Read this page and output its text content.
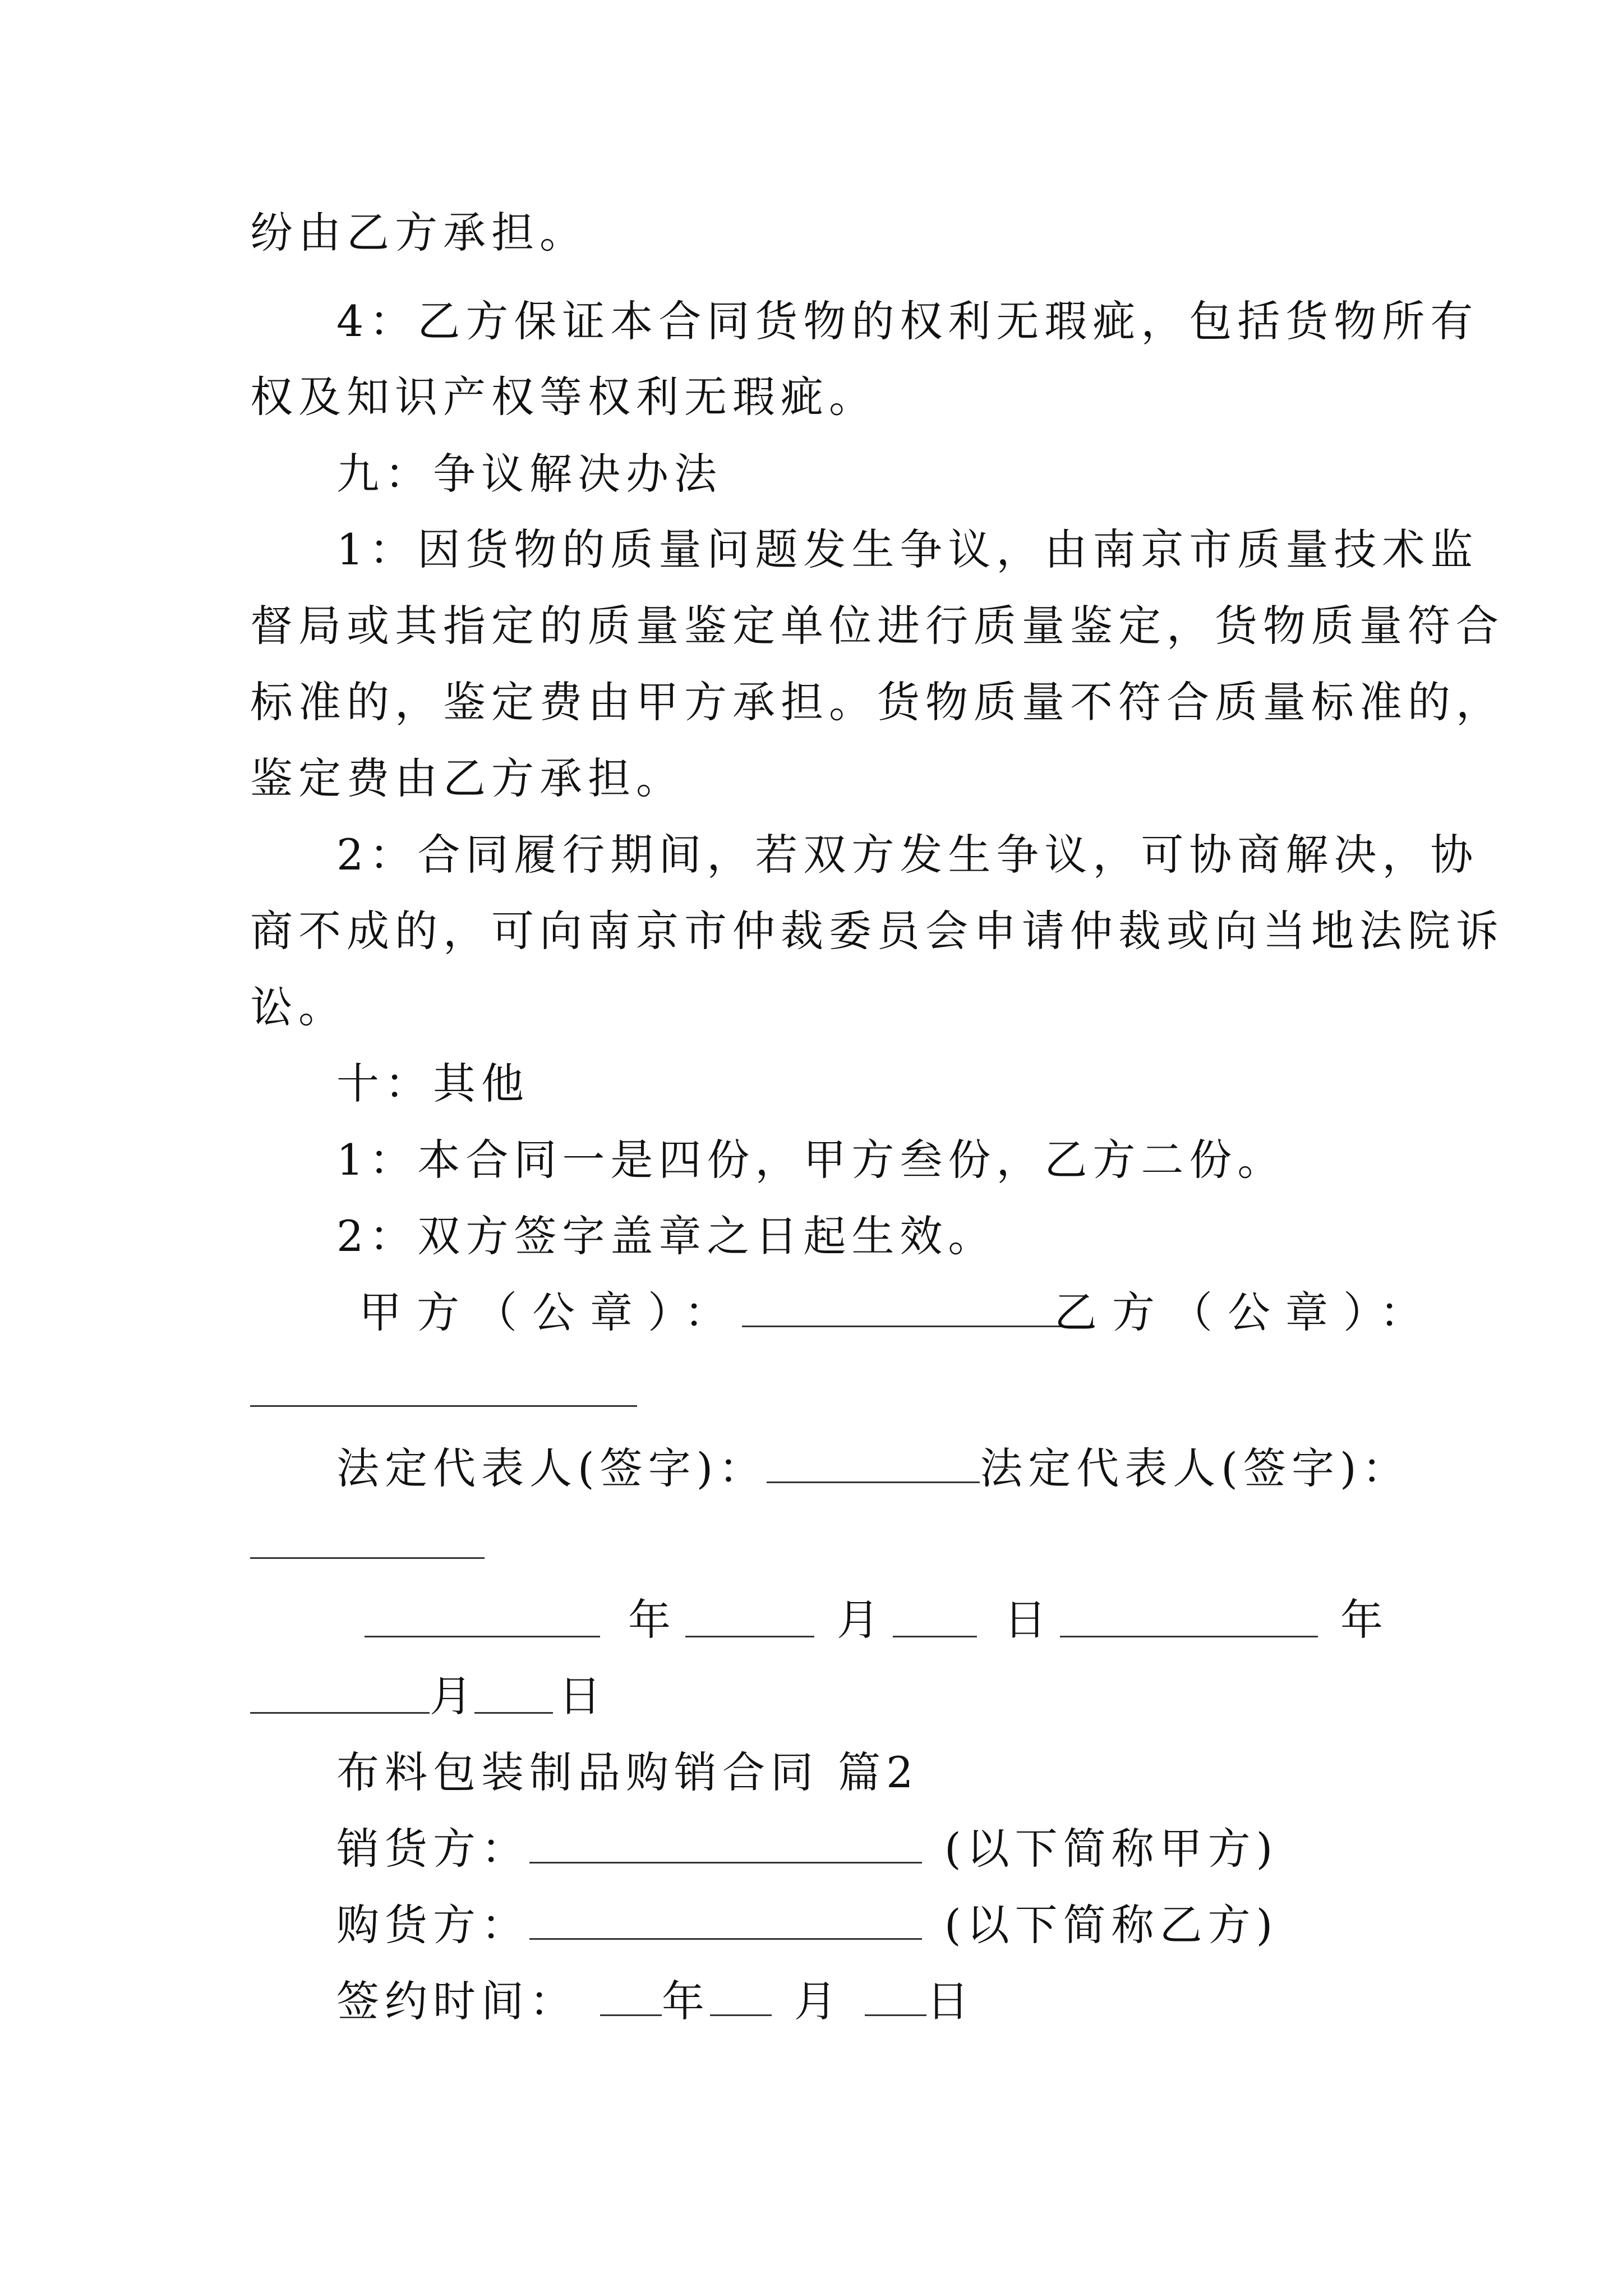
纷由乙方承担。
4：乙方保证本合同货物的权利无瑕疵，包括货物所有
权及知识产权等权利无瑕疵。
九：争议解决办法
1：因货物的质量问题发生争议，由南京市质量技术监
督局或其指定的质量鉴定单位进行质量鉴定，货物质量符合
标准的，鉴定费由甲方承担。货物质量不符合质量标准的，
鉴定费由乙方承担。
2：合同履行期间，若双方发生争议，可协商解决，协
商不成的，可向南京市仲裁委员会申请仲裁或向当地法院诉
讼。
十：其他
1：本合同一是四份，甲方叁份，乙方二份。
2：双方签字盖章之日起生效。
甲方（公章）：	乙方（公章）：
法定代表人(签字)：	法定代表人(签字)：
年	月	日	年
月 日
布料包装制品购销合同 篇2
销货方：	(以下简称甲方)
购货方：	(以下简称乙方)
签约时间： 年 月 日
